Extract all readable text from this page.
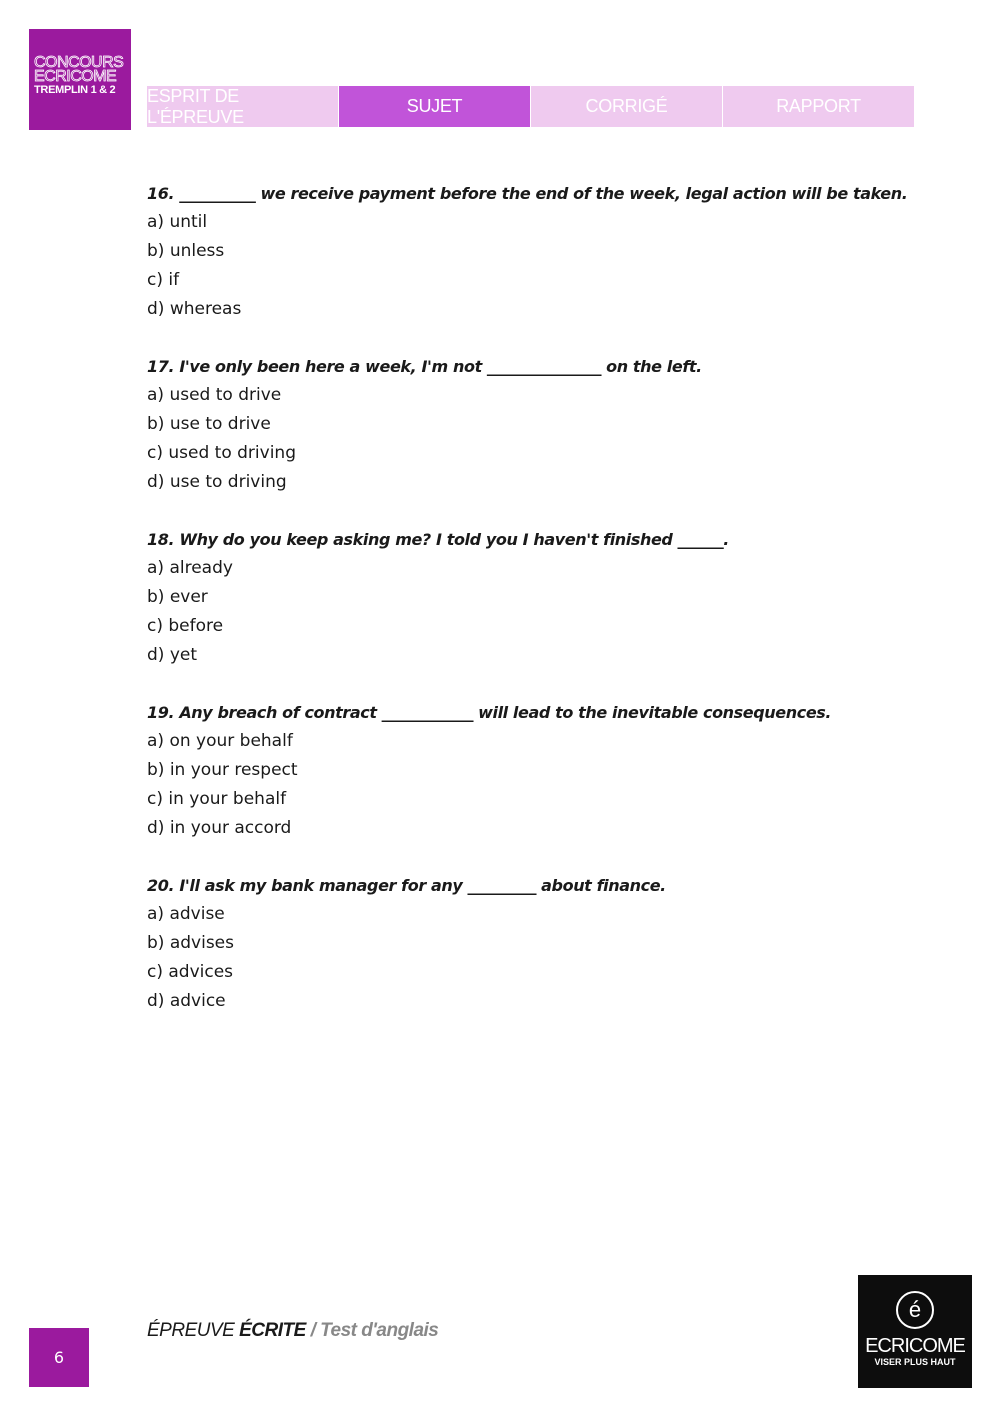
CONCOURS
ECRICOME
TREMPLIN 1 & 2	ESPRIT DE L'ÉPREUVE
SUJET	CORRIGÉ	RAPPORT
16. __________ we receive payment before the end of the week, legal action will be taken.
a) until
b) unless
c) if
d) whereas
17. I've only been here a week, I'm not _______________ on the left.
a) used to drive
b) use to drive
c) used to driving
d) use to driving
18. Why do you keep asking me? I told you I haven't finished ______.
a) already
b) ever
c) before
d) yet
19. Any breach of contract ____________ will lead to the inevitable consequences.
a) on your behalf
b) in your respect
c) in your behalf
d) in your accord
20. I'll ask my bank manager for any _________ about finance.
a) advise
b) advises
c) advices
d) advice
6
ÉPREUVE ÉCRITE / Test d'anglais
é
ECRICOME
VISER PLUS HAUT
